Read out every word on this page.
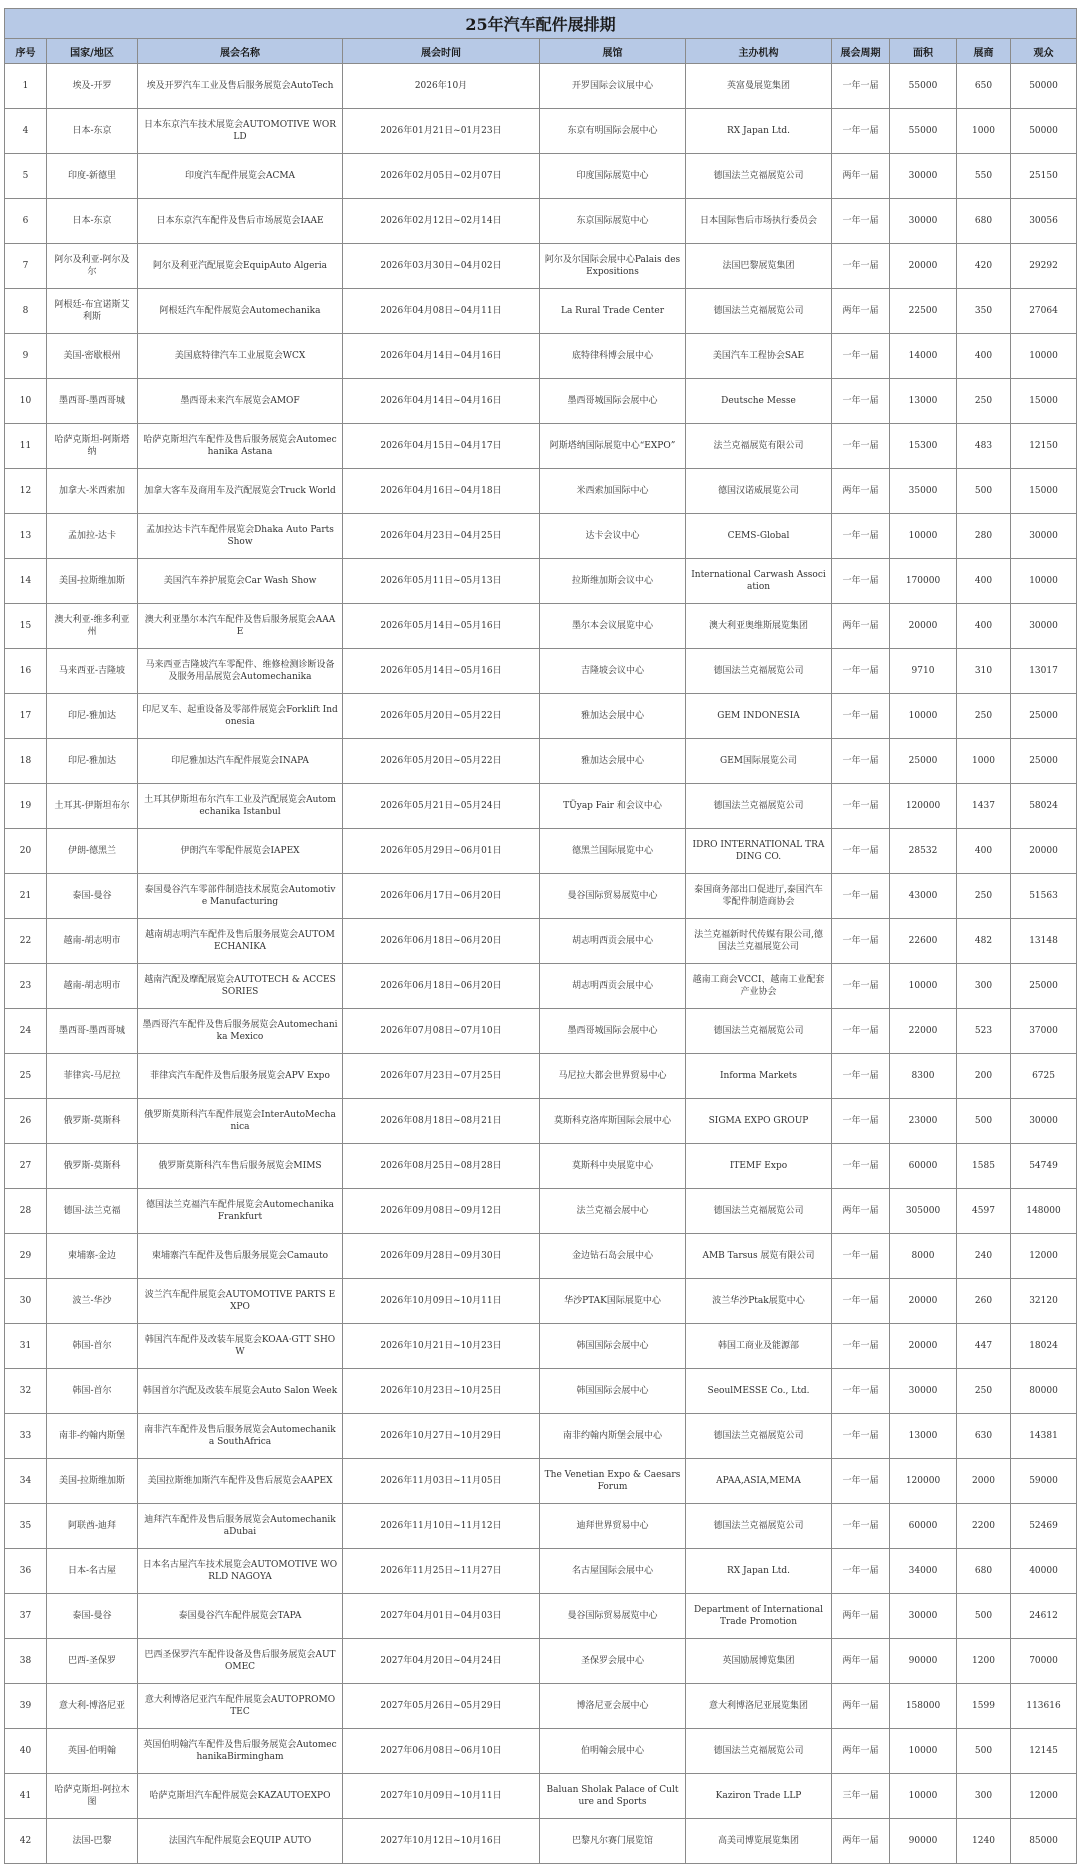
25年汽车配件展排期									
序号	国家/地区	展会名称	展会时间	展馆	主办机构	展会周期	面积	展商	观众
1	埃及-开罗	埃及开罗汽车工业及售后服务展览会AutoTech	2026年10月	开罗国际会议展中心	英富曼展览集团	一年一届	55000	650	50000
4	日本-东京	日本东京汽车技术展览会AUTOMOTIVE WORLD	2026年01月21日~01月23日	东京有明国际会展中心	RX Japan Ltd.	一年一届	55000	1000	50000
5	印度-新德里	印度汽车配件展览会ACMA	2026年02月05日~02月07日	印度国际展览中心	德国法兰克福展览公司	两年一届	30000	550	25150
6	日本-东京	日本东京汽车配件及售后市场展览会IAAE	2026年02月12日~02月14日	东京国际展览中心	日本国际售后市场执行委员会	一年一届	30000	680	30056
7	阿尔及利亚-阿尔及尔	阿尔及利亚汽配展览会EquipAuto Algeria	2026年03月30日~04月02日	阿尔及尔国际会展中心Palais des Expositions	法国巴黎展览集团	一年一届	20000	420	29292
8	阿根廷-布宜诺斯艾利斯	阿根廷汽车配件展览会Automechanika	2026年04月08日~04月11日	La Rural Trade Center	德国法兰克福展览公司	两年一届	22500	350	27064
9	美国-密歇根州	美国底特律汽车工业展览会WCX	2026年04月14日~04月16日	底特律科博会展中心	美国汽车工程协会SAE	一年一届	14000	400	10000
10	墨西哥-墨西哥城	墨西哥未来汽车展览会AMOF	2026年04月14日~04月16日	墨西哥城国际会展中心	Deutsche Messe	一年一届	13000	250	15000
11	哈萨克斯坦-阿斯塔纳	哈萨克斯坦汽车配件及售后服务展览会Automechanika Astana	2026年04月15日~04月17日	阿斯塔纳国际展览中心“EXPO”	法兰克福展览有限公司	一年一届	15300	483	12150
12	加拿大-米西索加	加拿大客车及商用车及汽配展览会Truck World	2026年04月16日~04月18日	米西索加国际中心	德国汉诺威展览公司	两年一届	35000	500	15000
13	孟加拉-达卡	孟加拉达卡汽车配件展览会Dhaka Auto Parts Show	2026年04月23日~04月25日	达卡会议中心	CEMS-Global	一年一届	10000	280	30000
14	美国-拉斯维加斯	美国汽车养护展览会Car Wash Show	2026年05月11日~05月13日	拉斯维加斯会议中心	International Carwash Association	一年一届	170000	400	10000
15	澳大利亚-维多利亚州	澳大利亚墨尔本汽车配件及售后服务展览会AAAE	2026年05月14日~05月16日	墨尔本会议展览中心	澳大利亚奥维斯展览集团	两年一届	20000	400	30000
16	马来西亚-吉隆坡	马来西亚吉隆坡汽车零配件、维修检测诊断设备及服务用品展览会Automechanika	2026年05月14日~05月16日	吉隆坡会议中心	德国法兰克福展览公司	一年一届	9710	310	13017
17	印尼-雅加达	印尼叉车、起重设备及零部件展览会Forklift Indonesia	2026年05月20日~05月22日	雅加达会展中心	GEM INDONESIA	一年一届	10000	250	25000
18	印尼-雅加达	印尼雅加达汽车配件展览会INAPA	2026年05月20日~05月22日	雅加达会展中心	GEM国际展览公司	一年一届	25000	1000	25000
19	土耳其-伊斯坦布尔	土耳其伊斯坦布尔汽车工业及汽配展览会Automechanika Istanbul	2026年05月21日~05月24日	TÜyap Fair 和会议中心	德国法兰克福展览公司	一年一届	120000	1437	58024
20	伊朗-德黑兰	伊朗汽车零配件展览会IAPEX	2026年05月29日~06月01日	德黑兰国际展览中心	IDRO INTERNATIONAL TRADING CO.	一年一届	28532	400	20000
21	泰国-曼谷	泰国曼谷汽车零部件制造技术展览会Automotive Manufacturing	2026年06月17日~06月20日	曼谷国际贸易展览中心	泰国商务部出口促进厅,泰国汽车零配件制造商协会	一年一届	43000	250	51563
22	越南-胡志明市	越南胡志明汽车配件及售后服务展览会AUTOMECHANIKA	2026年06月18日~06月20日	胡志明西贡会展中心	法兰克福新时代传媒有限公司,德国法兰克福展览公司	一年一届	22600	482	13148
23	越南-胡志明市	越南汽配及摩配展览会AUTOTECH & ACCESSORIES	2026年06月18日~06月20日	胡志明西贡会展中心	越南工商会VCCI、越南工业配套产业协会	一年一届	10000	300	25000
24	墨西哥-墨西哥城	墨西哥汽车配件及售后服务展览会Automechanika Mexico	2026年07月08日~07月10日	墨西哥城国际会展中心	德国法兰克福展览公司	一年一届	22000	523	37000
25	菲律宾-马尼拉	菲律宾汽车配件及售后服务展览会APV Expo	2026年07月23日~07月25日	马尼拉大都会世界贸易中心	Informa Markets	一年一届	8300	200	6725
26	俄罗斯-莫斯科	俄罗斯莫斯科汽车配件展览会InterAutoMechanica	2026年08月18日~08月21日	莫斯科克洛库斯国际会展中心	SIGMA EXPO GROUP	一年一届	23000	500	30000
27	俄罗斯-莫斯科	俄罗斯莫斯科汽车售后服务展览会MIMS	2026年08月25日~08月28日	莫斯科中央展览中心	ITEMF Expo	一年一届	60000	1585	54749
28	德国-法兰克福	德国法兰克福汽车配件展览会Automechanika Frankfurt	2026年09月08日~09月12日	法兰克福会展中心	德国法兰克福展览公司	两年一届	305000	4597	148000
29	柬埔寨-金边	柬埔寨汽车配件及售后服务展览会Camauto	2026年09月28日~09月30日	金边钻石岛会展中心	AMB Tarsus 展览有限公司	一年一届	8000	240	12000
30	波兰-华沙	波兰汽车配件展览会AUTOMOTIVE PARTS EXPO	2026年10月09日~10月11日	华沙PTAK国际展览中心	波兰华沙Ptak展览中心	一年一届	20000	260	32120
31	韩国-首尔	韩国汽车配件及改装车展览会KOAA·GTT SHOW	2026年10月21日~10月23日	韩国国际会展中心	韩国工商业及能源部	一年一届	20000	447	18024
32	韩国-首尔	韩国首尔汽配及改装车展览会Auto Salon Week	2026年10月23日~10月25日	韩国国际会展中心	SeoulMESSE Co., Ltd.	一年一届	30000	250	80000
33	南非-约翰内斯堡	南非汽车配件及售后服务展览会Automechanika SouthAfrica	2026年10月27日~10月29日	南非约翰内斯堡会展中心	德国法兰克福展览公司	一年一届	13000	630	14381
34	美国-拉斯维加斯	美国拉斯维加斯汽车配件及售后展览会AAPEX	2026年11月03日~11月05日	The Venetian Expo & Caesars Forum	APAA,ASIA,MEMA	一年一届	120000	2000	59000
35	阿联酋-迪拜	迪拜汽车配件及售后服务展览会AutomechanikaDubai	2026年11月10日~11月12日	迪拜世界贸易中心	德国法兰克福展览公司	一年一届	60000	2200	52469
36	日本-名古屋	日本名古屋汽车技术展览会AUTOMOTIVE WORLD NAGOYA	2026年11月25日~11月27日	名古屋国际会展中心	RX Japan Ltd.	一年一届	34000	680	40000
37	泰国-曼谷	泰国曼谷汽车配件展览会TAPA	2027年04月01日~04月03日	曼谷国际贸易展览中心	Department of International Trade Promotion	两年一届	30000	500	24612
38	巴西-圣保罗	巴西圣保罗汽车配件设备及售后服务展览会AUTOMEC	2027年04月20日~04月24日	圣保罗会展中心	英国励展博览集团	两年一届	90000	1200	70000
39	意大利-博洛尼亚	意大利博洛尼亚汽车配件展览会AUTOPROMOTEC	2027年05月26日~05月29日	博洛尼亚会展中心	意大利博洛尼亚展览集团	两年一届	158000	1599	113616
40	英国-伯明翰	英国伯明翰汽车配件及售后服务展览会AutomechanikaBirmingham	2027年06月08日~06月10日	伯明翰会展中心	德国法兰克福展览公司	两年一届	10000	500	12145
41	哈萨克斯坦-阿拉木图	哈萨克斯坦汽车配件展览会KAZAUTOEXPO	2027年10月09日~10月11日	Baluan Sholak Palace of Culture and Sports	Kaziron Trade LLP	三年一届	10000	300	12000
42	法国-巴黎	法国汽车配件展览会EQUIP AUTO	2027年10月12日~10月16日	巴黎凡尔赛门展览馆	高美司博览展览集团	两年一届	90000	1240	85000
